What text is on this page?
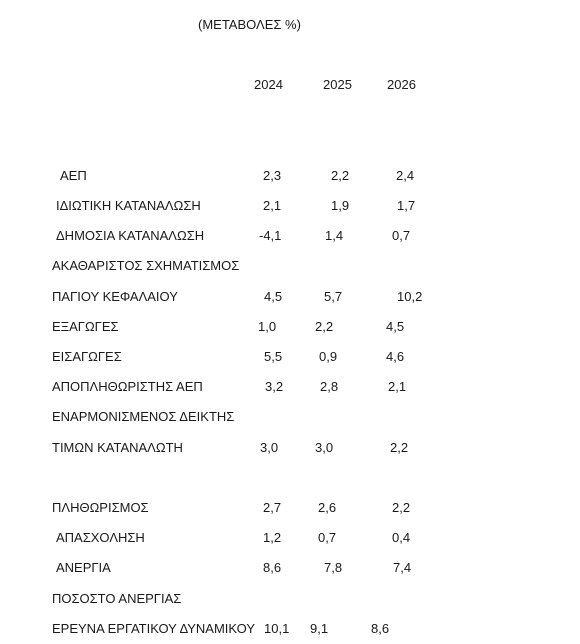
(ΜΕΤΑΒΟΛΕΣ %)
2024	2025	2026
ΑΕΠ	2,3	2,2	2,4
ΙΔΙΩΤΙΚΗ ΚΑΤΑΝΑΛΩΣΗ	2,1	1,9	1,7
ΔΗΜΟΣΙΑ ΚΑΤΑΝΑΛΩΣΗ	-4,1	1,4	0,7
ΑΚΑΘΑΡΙΣΤΟΣ ΣΧΗΜΑΤΙΣΜΟΣ
ΠΑΓΙΟΥ ΚΕΦΑΛΑΙΟΥ	4,5	5,7	10,2
ΕΞΑΓΩΓΕΣ	1,0	2,2	4,5
ΕΙΣΑΓΩΓΕΣ	5,5	0,9	4,6
ΑΠΟΠΛΗΘΩΡΙΣΤΗΣ ΑΕΠ	3,2	2,8	2,1
ΕΝΑΡΜΟΝΙΣΜΕΝΟΣ ΔΕΙΚΤΗΣ
ΤΙΜΩΝ ΚΑΤΑΝΑΛΩΤΗ	3,0	3,0	2,2
ΠΛΗΘΩΡΙΣΜΟΣ	2,7	2,6	2,2
ΑΠΑΣΧΟΛΗΣΗ	1,2	0,7	0,4
ΑΝΕΡΓΙΑ	8,6	7,8	7,4
ΠΟΣΟΣΤΟ ΑΝΕΡΓΙΑΣ
ΕΡΕΥΝΑ ΕΡΓΑΤΙΚΟΥ ΔΥΝΑΜΙΚΟΥ 10,1 9,1	8,6
